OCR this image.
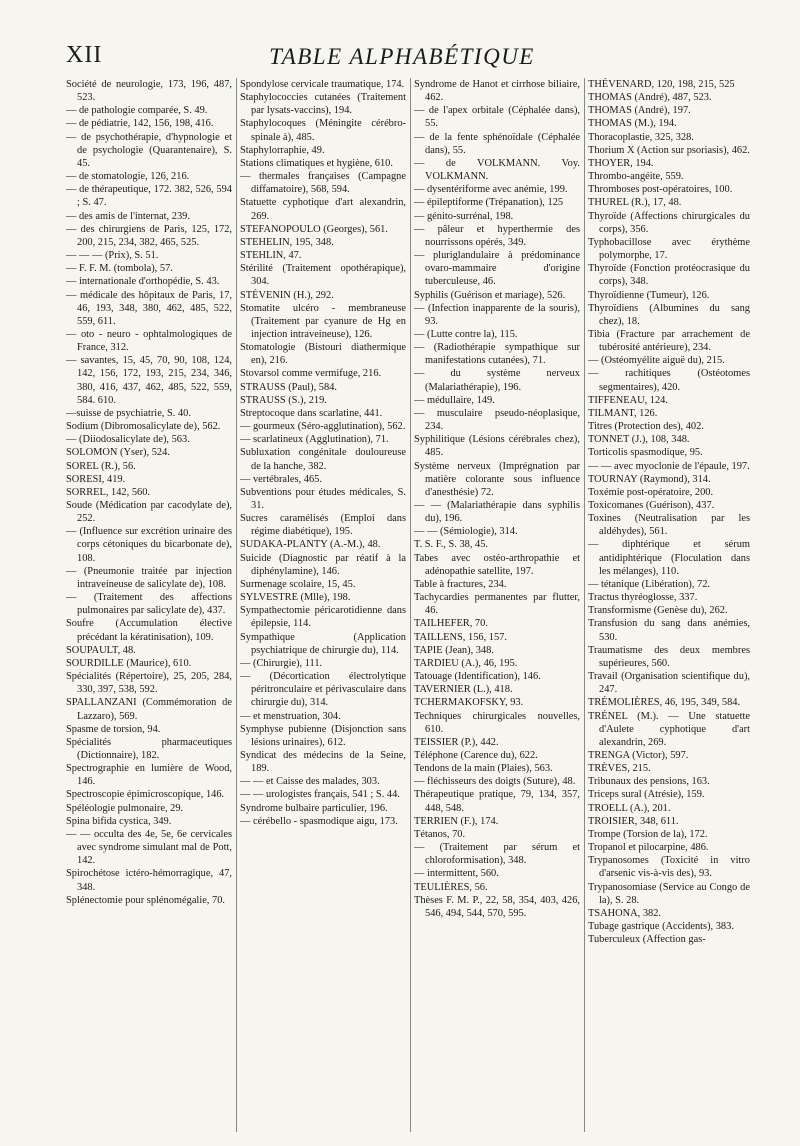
XII	TABLE ALPHABÉTIQUE

Société de neurologie, 173, 196, 487, 523.

— de pathologie comparée, S. 49.

— de pédiatrie, 142, 156, 198, 416.

— de psychothérapie, d'hypnologie et de psychologie (Quarantenaire), S. 45.

— de stomatologie, 126, 216.

— de thérapeutique, 172. 382, 526, 594 ; S. 47.

— des amis de l'internat, 239.

— des chirurgiens de Paris, 125, 172, 200, 215, 234, 382, 465, 525.

— — — (Prix), S. 51.

— F. F. M. (tombola), 57.

— internationale d'orthopédie, S. 43.

— médicale des hôpitaux de Paris, 17, 46, 193, 348, 380, 462, 485, 522, 559, 611.

— oto - neuro - ophtalmologiques de France, 312.

— savantes, 15, 45, 70, 90, 108, 124, 142, 156, 172, 193, 215, 234, 346, 380, 416, 437, 462, 485, 522, 559, 584. 610.

—suisse de psychiatrie, S. 40.

Sodium (Dibromosalicylate de), 562.

— (Diiodosalicylate de), 563.

SOLOMON (Yser), 524.

SOREL (R.), 56.

SORESI, 419.

SORREL, 142, 560.

Soude (Médication par cacodylate de), 252.

— (Influence sur excrétion urinaire des corps cétoniques du bicarbonate de), 108.

— (Pneumonie traitée par injection intraveineuse de salicylate de), 108.

— (Traitement des affections pulmonaires par salicylate de), 437.

Soufre (Accumulation élective précédant la kératinisation), 109.

SOUPAULT, 48.

SOURDILLE (Maurice), 610.

Spécialités (Répertoire), 25, 205, 284, 330, 397, 538, 592.

SPALLANZANI (Commémoration de Lazzaro), 569.

Spasme de torsion, 94.

Spécialités pharmaceutiques (Dictionnaire), 182.

Spectrographie en lumière de Wood, 146.

Spectroscopie épimicroscopique, 146.

Spéléologie pulmonaire, 29.

Spina bifida cystica, 349.

— — occulta des 4e, 5e, 6e cervicales avec syndrome simulant mal de Pott, 142.

Spirochétose ictéro-hémorragique, 47, 348.

Splénectomie pour splénomégalie, 70.

Spondylose cervicale traumatique, 174.

Staphylococcies cutanées (Traitement par lysats-vaccins), 194.

Staphylocoques (Méningite cérébro-spinale à), 485.

Staphylorraphie, 49.

Stations climatiques et hygiène, 610.

— thermales françaises (Campagne diffamatoire), 568, 594.

Statuette cyphotique d'art alexandrin, 269.

STEFANOPOULO (Georges), 561.

STEHELIN, 195, 348.

STEHLIN, 47.

Stérilité (Traitement opothérapique), 304.

STÉVENIN (H.), 292.

Stomatite ulcéro - membraneuse (Traitement par cyanure de Hg en injection intraveineuse), 126.

Stomatologie (Bistouri diathermique en), 216.

Stovarsol comme vermifuge, 216.

STRAUSS (Paul), 584.

STRAUSS (S.), 219.

Streptocoque dans scarlatine, 441.

— gourmeux (Séro-agglutination), 562.

— scarlatineux (Agglutination), 71.

Subluxation congénitale douloureuse de la hanche, 382.

— vertébrales, 465.

Subventions pour études médicales, S. 31.

Sucres caramélisés (Emploi dans régime diabétique), 195.

SUDAKA-PLANTY (A.-M.), 48.

Suicide (Diagnostic par réatif à la diphénylamine), 146.

Surmenage scolaire, 15, 45.

SYLVESTRE (Mlle), 198.

Sympathectomie péricarotidienne dans épilepsie, 114.

Sympathique (Application psychiatrique de chirurgie du), 114.

— (Chirurgie), 111.

— (Décortication électrolytique péritronculaire et périvasculaire dans chirurgie du), 314.

— et menstruation, 304.

Symphyse pubienne (Disjonction sans lésions urinaires), 612.

Syndicat des médecins de la Seine, 189.

— — et Caisse des malades, 303.

— — urologistes français, 541 ; S. 44.

Syndrome bulbaire particulier, 196.

— cérébello - spasmodique aigu, 173.

Syndrome de Hanot et cirrhose biliaire, 462.

— de l'apex orbitale (Céphalée dans), 55.

— de la fente sphénoïdale (Céphalée dans), 55.

— de VOLKMANN. Voy. VOLKMANN.

— dysentériforme avec anémie, 199.

— épileptiforme (Trépanation), 125

— génito-surrénal, 198.

— pâleur et hyperthermie des nourrissons opérés, 349.

— pluriglandulaire à prédominance ovaro-mammaire d'origine tuberculeuse, 46.

Syphilis (Guérison et mariage), 526.

— (Infection inapparente de la souris), 93.

— (Lutte contre la), 115.

— (Radiothérapie sympathique sur manifestations cutanées), 71.

— du système nerveux (Malariathérapie), 196.

— médullaire, 149.

— musculaire pseudo-néoplasique, 234.

Syphilitique (Lésions cérébrales chez), 485.

Système nerveux (Imprégnation par matière colorante sous influence d'anesthésie) 72.

— — (Malariathérapie dans syphilis du), 196.

— — (Sémiologie), 314.

T. S. F., S. 38, 45.

Tabes avec ostéo-arthropathie et adénopathie satellite, 197.

Table à fractures, 234.

Tachycardies permanentes par flutter, 46.

TAILHEFER, 70.

TAILLENS, 156, 157.

TAPIE (Jean), 348.

TARDIEU (A.), 46, 195.

Tatouage (Identification), 146.

TAVERNIER (L.), 418.

TCHERMAKOFSKY, 93.

Techniques chirurgicales nouvelles, 610.

TEISSIER (P.), 442.

Téléphone (Carence du), 622.

Tendons de la main (Plaies), 563.

— fléchisseurs des doigts (Suture), 48.

Thérapeutique pratique, 79, 134, 357, 448, 548.

TERRIEN (F.), 174.

Tétanos, 70.

— (Traitement par sérum et chloroformisation), 348.

— intermittent, 560.

TEULIÈRES, 56.

Thèses F. M. P., 22, 58, 354, 403, 426, 546, 494, 544, 570, 595.

THÉVENARD, 120, 198, 215, 525

THOMAS (André), 487, 523.

THOMAS (André), 197.

THOMAS (M.), 194.

Thoracoplastie, 325, 328.

Thorium X (Action sur psoriasis), 462.

THOYER, 194.

Thrombo-angéite, 559.

Thromboses post-opératoires, 100.

THUREL (R.), 17, 48.

Thyroïde (Affections chirurgicales du corps), 356.

Typhobacillose avec érythème polymorphe, 17.

Thyroïde (Fonction protéocrasique du corps), 348.

Thyroïdienne (Tumeur), 126.

Thyroïdiens (Albumines du sang chez), 18.

Tibia (Fracture par arrachement de tubérosité antérieure), 234.

— (Ostéomyélite aiguë du), 215.

— rachitiques (Ostéotomes segmentaires), 420.

TIFFENEAU, 124.

TILMANT, 126.

Titres (Protection des), 402.

TONNET (J.), 108, 348.

Torticolis spasmodique, 95.

— — avec myoclonie de l'épaule, 197.

TOURNAY (Raymond), 314.

Toxémie post-opératoire, 200.

Toxicomanes (Guérison), 437.

Toxines (Neutralisation par les aldéhydes), 561.

— diphtérique et sérum antidiphtérique (Floculation dans les mélanges), 110.

— tétanique (Libération), 72.

Tractus thyréoglosse, 337.

Transformisme (Genèse du), 262.

Transfusion du sang dans anémies, 530.

Traumatisme des deux membres supérieures, 560.

Travail (Organisation scientifique du), 247.

TRÉMOLIÈRES, 46, 195, 349, 584.

TRÉNEL (M.). — Une statuette d'Aulete cyphotique d'art alexandrin, 269.

TRENGA (Victor), 597.

TRÈVES, 215.

Tribunaux des pensions, 163.

Triceps sural (Atrésie), 159.

TROELL (A.), 201.

TROISIER, 348, 611.

Trompe (Torsion de la), 172.

Tropanol et pilocarpine, 486.

Trypanosomes (Toxicité in vitro d'arsenic vis-à-vis des), 93.

Trypanosomiase (Service au Congo de la), S. 28.

TSAHONA, 382.

Tubage gastrique (Accidents), 383.

Tuberculeux (Affection gas-
